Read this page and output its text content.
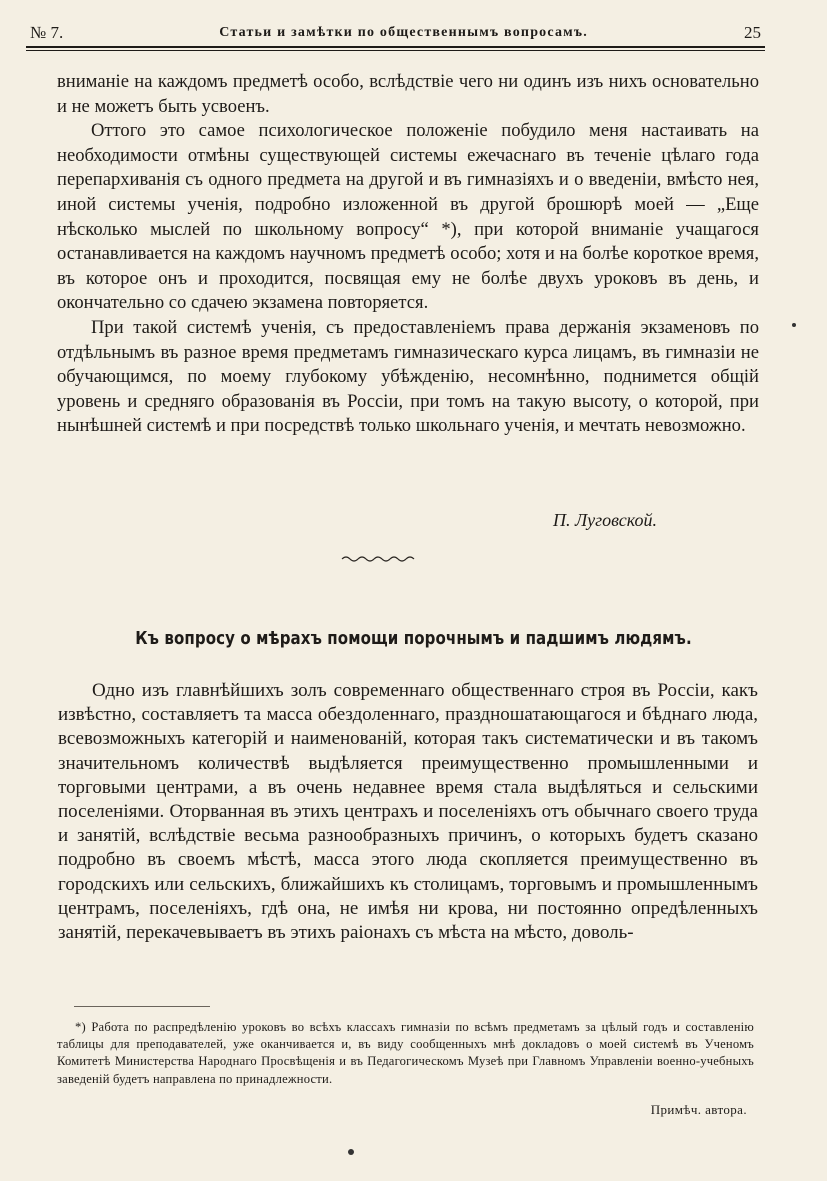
№ 7.	Статьи и замѣтки по общественнымъ вопросамъ.	25

вниманіе на каждомъ предметѣ особо, вслѣдствіе чего ни одинъ изъ нихъ основательно и не можетъ быть усвоенъ.

Оттого это самое психологическое положеніе побудило меня настаивать на необходимости отмѣны существующей системы ежечаснаго въ теченіе цѣлаго года перепархиванія съ одного предмета на другой и въ гимназіяхъ и о введеніи, вмѣсто нея, иной системы ученія, подробно изложенной въ другой брошюрѣ моей — „Еще нѣсколько мыслей по школьному вопросу“ *), при которой вниманіе учащагося останавливается на каждомъ научномъ предметѣ особо; хотя и на болѣе короткое время, въ которое онъ и проходится, посвящая ему не болѣе двухъ уроковъ въ день, и окончательно со сдачею экзамена повторяется.

При такой системѣ ученія, съ предоставленіемъ права держанія экзаменовъ по отдѣльнымъ въ разное время предметамъ гимназическаго курса лицамъ, въ гимназіи не обучающимся, по моему глубокому убѣжденію, несомнѣнно, поднимется общій уровень и средняго образованія въ Россіи, при томъ на такую высоту, о которой, при нынѣшней системѣ и при посредствѣ только школьнаго ученія, и мечтать невозможно.

П. Луговской.
Къ вопросу о мѣрахъ помощи порочнымъ и падшимъ людямъ.

Одно изъ главнѣйшихъ золъ современнаго общественнаго строя въ Россіи, какъ извѣстно, составляетъ та масса обездоленнаго, праздношатающагося и бѣднаго люда, всевозможныхъ категорій и наименованій, которая такъ систематически и въ такомъ значительномъ количествѣ выдѣляется преимущественно промышленными и торговыми центрами, а въ очень недавнее время стала выдѣляться и сельскими поселеніями. Оторванная въ этихъ центрахъ и поселеніяхъ отъ обычнаго своего труда и занятій, вслѣдствіе весьма разнообразныхъ причинъ, о которыхъ будетъ сказано подробно въ своемъ мѣстѣ, масса этого люда скопляется преимущественно въ городскихъ или сельскихъ, ближайшихъ къ столицамъ, торговымъ и промышленнымъ центрамъ, поселеніяхъ, гдѣ она, не имѣя ни крова, ни постоянно опредѣленныхъ занятій, перекачевываетъ въ этихъ раіонахъ съ мѣста на мѣсто, доволь-

*) Работа по распредѣленію уроковъ во всѣхъ классахъ гимназіи по всѣмъ предметамъ за цѣлый годъ и составленію таблицы для преподавателей, уже оканчивается и, въ виду сообщенныхъ мнѣ докладовъ о моей системѣ въ Ученомъ Комитетѣ Министерства Народнаго Просвѣщенія и въ Педагогическомъ Музеѣ при Главномъ Управленіи военно-учебныхъ заведеній будетъ направлена по принадлежности.

Примѣч. автора.
